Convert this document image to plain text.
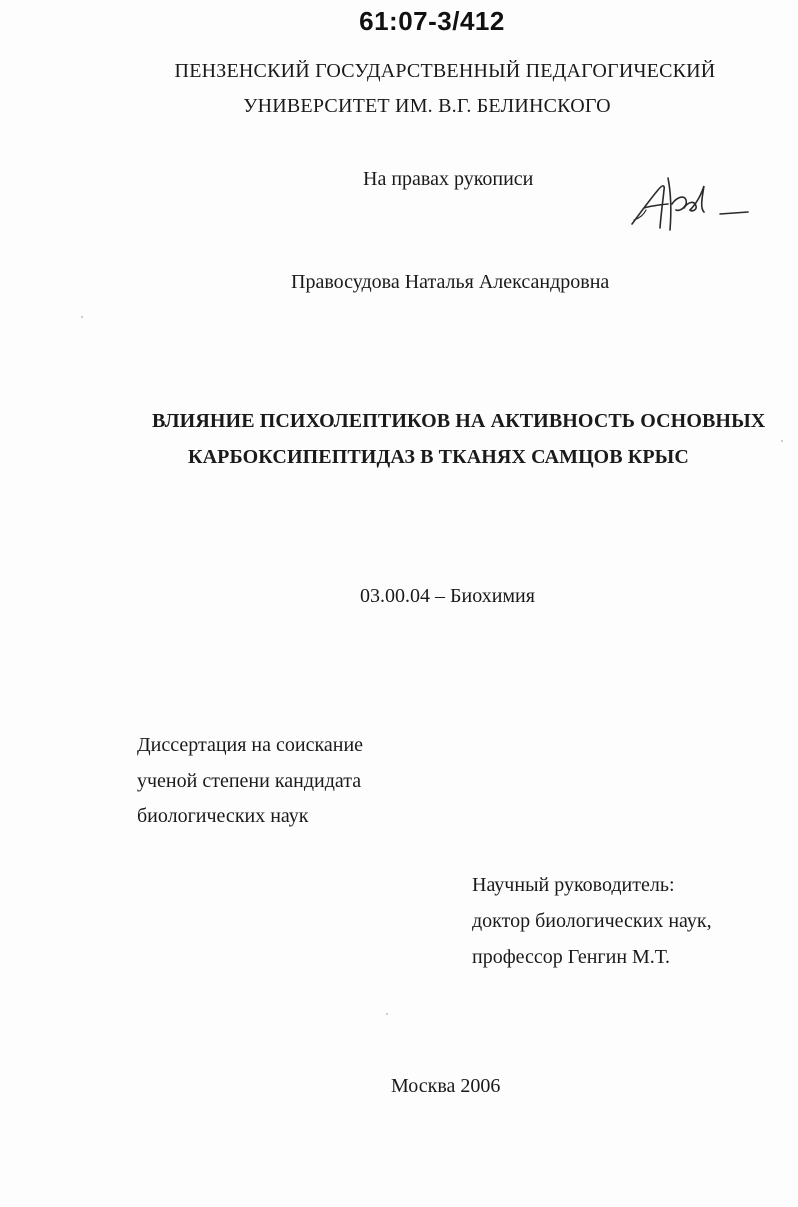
61:07-3/412
ПЕНЗЕНСКИЙ ГОСУДАРСТВЕННЫЙ ПЕДАГОГИЧЕСКИЙ
УНИВЕРСИТЕТ ИМ. В.Г. БЕЛИНСКОГО
На правах рукописи
Правосудова Наталья Александровна
ВЛИЯНИЕ ПСИХОЛЕПТИКОВ НА АКТИВНОСТЬ ОСНОВНЫХ
КАРБОКСИПЕПТИДАЗ В ТКАНЯХ САМЦОВ КРЫС
03.00.04 – Биохимия
Диссертация на соискание
ученой степени кандидата
биологических наук
Научный руководитель:
доктор биологических наук,
профессор Генгин М.Т.
Москва 2006
